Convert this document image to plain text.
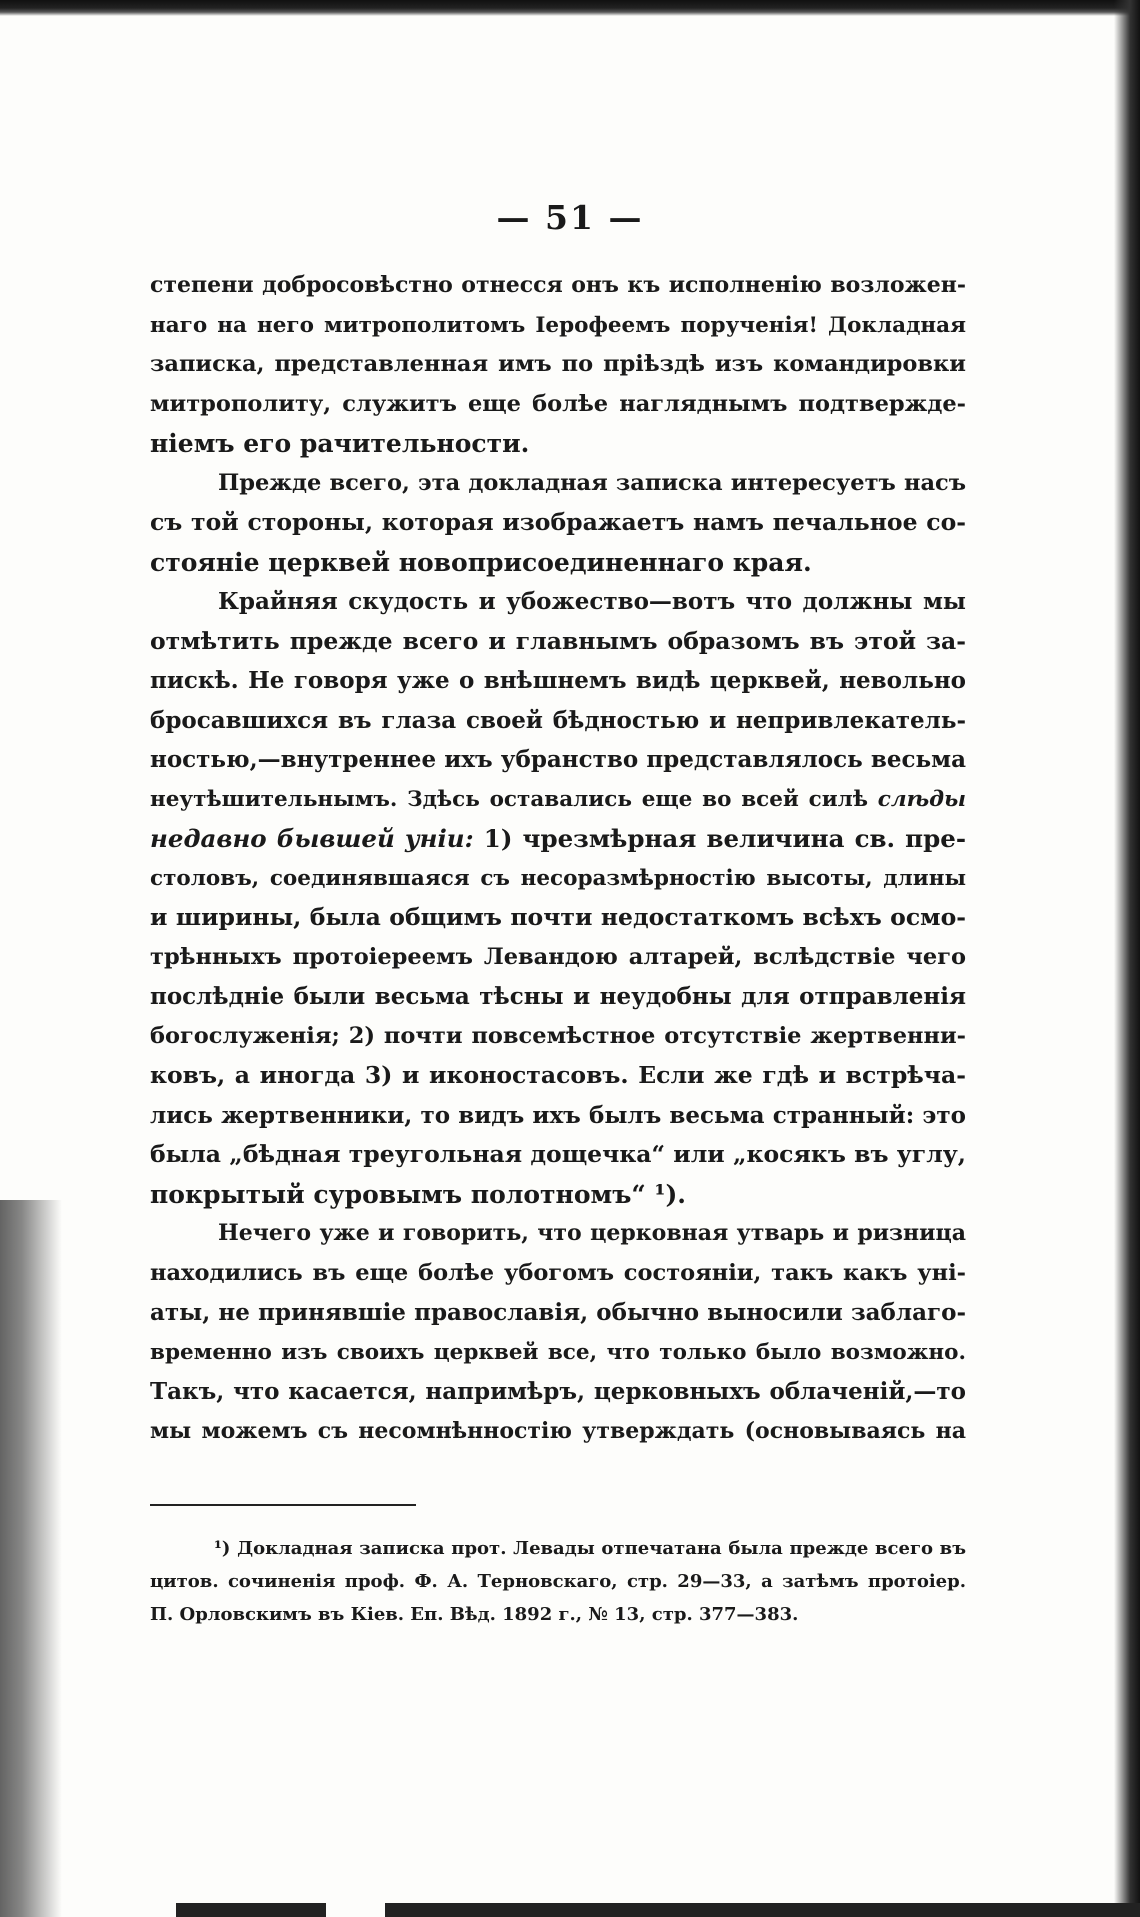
— 51 —
степени добросовѣстно отнесся онъ къ исполненію возложен-
наго на него митрополитомъ Іерофеемъ порученія! Докладная
записка, представленная имъ по пріѣздѣ изъ командировки
митрополиту, служитъ еще болѣе нагляднымъ подтвержде-
ніемъ его рачительности.
Прежде всего, эта докладная записка интересуетъ насъ
съ той стороны, которая изображаетъ намъ печальное со-
стояніе церквей новоприсоединеннаго края.
Крайняя скудость и убожество—вотъ что должны мы
отмѣтить прежде всего и главнымъ образомъ въ этой за-
пискѣ. Не говоря уже о внѣшнемъ видѣ церквей, невольно
бросавшихся въ глаза своей бѣдностью и непривлекатель-
ностью,—внутреннее ихъ убранство представлялось весьма
неутѣшительнымъ. Здѣсь оставались еще во всей силѣ слѣды
недавно бывшей уніи: 1) чрезмѣрная величина св. пре-
столовъ, соединявшаяся съ несоразмѣрностію высоты, длины
и ширины, была общимъ почти недостаткомъ всѣхъ осмо-
трѣнныхъ протоіереемъ Левандою алтарей, вслѣдствіе чего
послѣдніе были весьма тѣсны и неудобны для отправленія
богослуженія; 2) почти повсемѣстное отсутствіе жертвенни-
ковъ, а иногда 3) и иконостасовъ. Если же гдѣ и встрѣча-
лись жертвенники, то видъ ихъ былъ весьма странный: это
была „бѣдная треугольная дощечка“ или „косякъ въ углу,
покрытый суровымъ полотномъ“ ¹).
Нечего уже и говорить, что церковная утварь и ризница
находились въ еще болѣе убогомъ состояніи, такъ какъ уні-
аты, не принявшіе православія, обычно выносили заблаго-
временно изъ своихъ церквей все, что только было возможно.
Такъ, что касается, напримѣръ, церковныхъ облаченій,—то
мы можемъ съ несомнѣнностію утверждать (основываясь на
¹) Докладная записка прот. Левады отпечатана была прежде всего въ
цитов. сочиненія проф. Ф. А. Терновскаго, стр. 29—33, а затѣмъ протоіер.
П. Орловскимъ въ Кіев. Еп. Вѣд. 1892 г., № 13, стр. 377—383.
